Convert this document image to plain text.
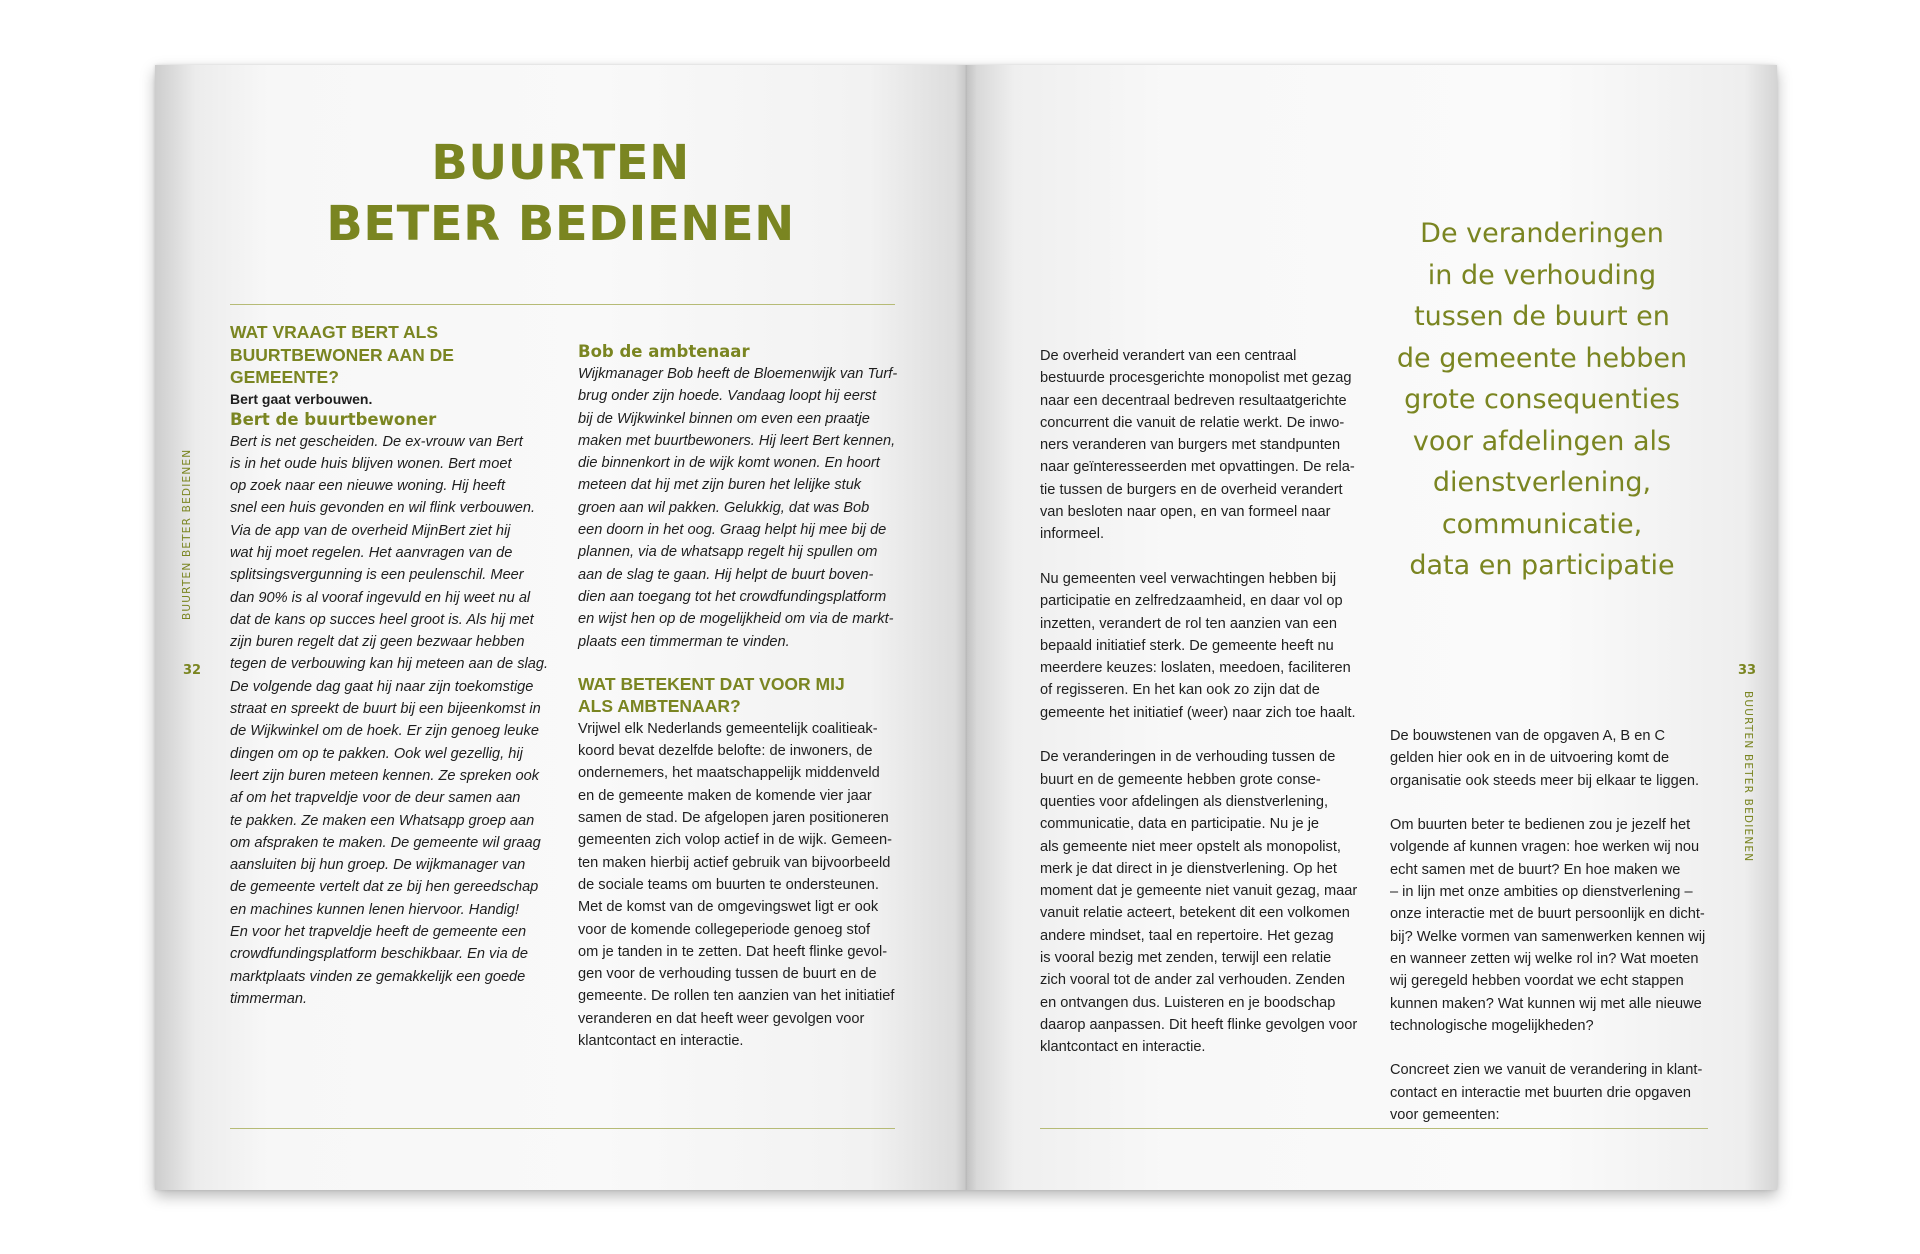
BUURTEN
BETER BEDIENEN
BUURTEN BETER BEDIENEN
32
WAT VRAAGT BERT ALS
BUURTBEWONER AAN DE
GEMEENTE?

Bert gaat verbouwen.

Bert de buurtbewoner

Bert is net gescheiden. De ex-vrouw van Bert
is in het oude huis blijven wonen. Bert moet
op zoek naar een nieuwe woning. Hij heeft
snel een huis gevonden en wil flink verbouwen.
Via de app van de overheid MijnBert ziet hij
wat hij moet regelen. Het aanvragen van de
splitsingsvergunning is een peulenschil. Meer
dan 90% is al vooraf ingevuld en hij weet nu al
dat de kans op succes heel groot is. Als hij met
zijn buren regelt dat zij geen bezwaar hebben
tegen de verbouwing kan hij meteen aan de slag.
De volgende dag gaat hij naar zijn toekomstige
straat en spreekt de buurt bij een bijeenkomst in
de Wijkwinkel om de hoek. Er zijn genoeg leuke
dingen om op te pakken. Ook wel gezellig, hij
leert zijn buren meteen kennen. Ze spreken ook
af om het trapveldje voor de deur samen aan
te pakken. Ze maken een Whatsapp groep aan
om afspraken te maken. De gemeente wil graag
aansluiten bij hun groep. De wijkmanager van
de gemeente vertelt dat ze bij hen gereedschap
en machines kunnen lenen hiervoor. Handig!
En voor het trapveldje heeft de gemeente een
crowdfundingsplatform beschikbaar. En via de
marktplaats vinden ze gemakkelijk een goede
timmerman.

Bob de ambtenaar

Wijkmanager Bob heeft de Bloemenwijk van Turf-
brug onder zijn hoede. Vandaag loopt hij eerst
bij de Wijkwinkel binnen om even een praatje
maken met buurtbewoners. Hij leert Bert kennen,
die binnenkort in de wijk komt wonen. En hoort
meteen dat hij met zijn buren het lelijke stuk
groen aan wil pakken. Gelukkig, dat was Bob
een doorn in het oog. Graag helpt hij mee bij de
plannen, via de whatsapp regelt hij spullen om
aan de slag te gaan. Hij helpt de buurt boven-
dien aan toegang tot het crowdfundingsplatform
en wijst hen op de mogelijkheid om via de markt-
plaats een timmerman te vinden.

WAT BETEKENT DAT VOOR MIJ
ALS AMBTENAAR?

Vrijwel elk Nederlands gemeentelijk coalitieak-
koord bevat dezelfde belofte: de inwoners, de
ondernemers, het maatschappelijk middenveld
en de gemeente maken de komende vier jaar
samen de stad. De afgelopen jaren positioneren
gemeenten zich volop actief in de wijk. Gemeen-
ten maken hierbij actief gebruik van bijvoorbeeld
de sociale teams om buurten te ondersteunen.
Met de komst van de omgevingswet ligt er ook
voor de komende collegeperiode genoeg stof
om je tanden in te zetten. Dat heeft flinke gevol-
gen voor de verhouding tussen de buurt en de
gemeente. De rollen ten aanzien van het initiatief
veranderen en dat heeft weer gevolgen voor
klantcontact en interactie.

De veranderingen
in de verhouding
tussen de buurt en
de gemeente hebben
grote consequenties
voor afdelingen als
dienstverlening,
communicatie,
data en participatie

33
BUURTEN BETER BEDIENEN

De overheid verandert van een centraal
bestuurde procesgerichte monopolist met gezag
naar een decentraal bedreven resultaatgerichte
concurrent die vanuit de relatie werkt. De inwo-
ners veranderen van burgers met standpunten
naar geïnteresseerden met opvattingen. De rela-
tie tussen de burgers en de overheid verandert
van besloten naar open, en van formeel naar
informeel.

Nu gemeenten veel verwachtingen hebben bij
participatie en zelfredzaamheid, en daar vol op
inzetten, verandert de rol ten aanzien van een
bepaald initiatief sterk. De gemeente heeft nu
meerdere keuzes: loslaten, meedoen, faciliteren
of regisseren. En het kan ook zo zijn dat de
gemeente het initiatief (weer) naar zich toe haalt.

De veranderingen in de verhouding tussen de
buurt en de gemeente hebben grote conse-
quenties voor afdelingen als dienstverlening,
communicatie, data en participatie. Nu je je
als gemeente niet meer opstelt als monopolist,
merk je dat direct in je dienstverlening. Op het
moment dat je gemeente niet vanuit gezag, maar
vanuit relatie acteert, betekent dit een volkomen
andere mindset, taal en repertoire. Het gezag
is vooral bezig met zenden, terwijl een relatie
zich vooral tot de ander zal verhouden. Zenden
en ontvangen dus. Luisteren en je boodschap
daarop aanpassen. Dit heeft flinke gevolgen voor
klantcontact en interactie.

De bouwstenen van de opgaven A, B en C
gelden hier ook en in de uitvoering komt de
organisatie ook steeds meer bij elkaar te liggen.

Om buurten beter te bedienen zou je jezelf het
volgende af kunnen vragen: hoe werken wij nou
echt samen met de buurt? En hoe maken we
– in lijn met onze ambities op dienstverlening –
onze interactie met de buurt persoonlijk en dicht-
bij? Welke vormen van samenwerken kennen wij
en wanneer zetten wij welke rol in? Wat moeten
wij geregeld hebben voordat we echt stappen
kunnen maken? Wat kunnen wij met alle nieuwe
technologische mogelijkheden?

Concreet zien we vanuit de verandering in klant-
contact en interactie met buurten drie opgaven
voor gemeenten:
